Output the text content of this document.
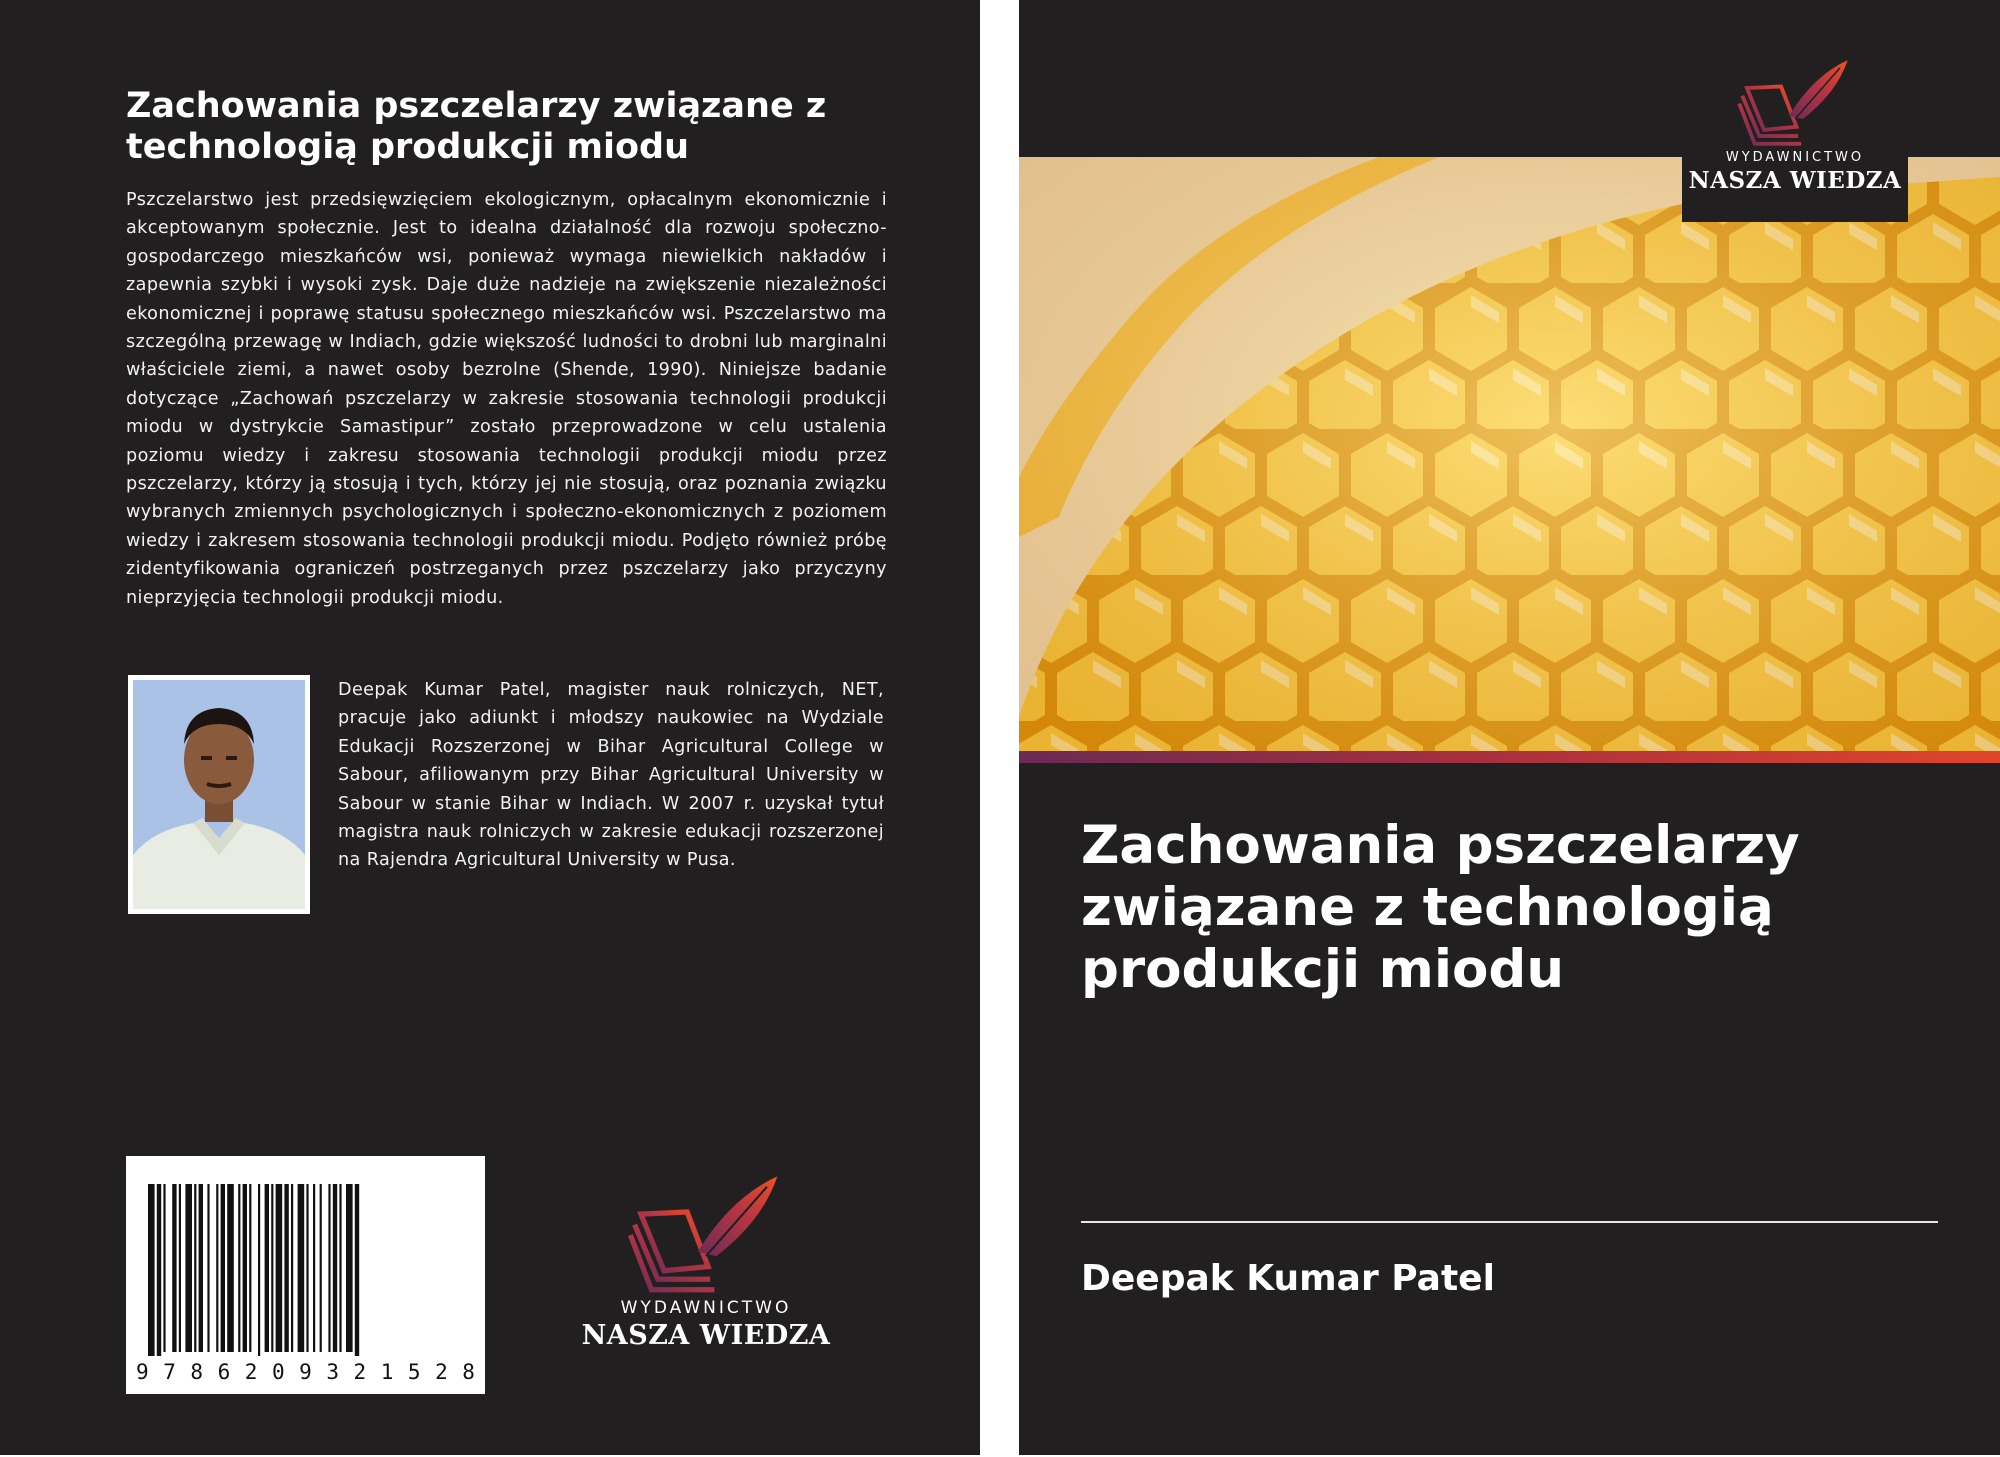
Zachowania pszczelarzy związane z technologią produkcji miodu

Pszczelarstwo jest przedsięwzięciem ekologicznym, opłacalnym ekonomicznie i akceptowanym społecznie. Jest to idealna działalność dla rozwoju społeczno-gospodarczego mieszkańców wsi, ponieważ wymaga niewielkich nakładów i zapewnia szybki i wysoki zysk. Daje duże nadzieje na zwiększenie niezależności ekonomicznej i poprawę statusu społecznego mieszkańców wsi. Pszczelarstwo ma szczególną przewagę w Indiach, gdzie większość ludności to drobni lub marginalni właściciele ziemi, a nawet osoby bezrolne (Shende, 1990). Niniejsze badanie dotyczące „Zachowań pszczelarzy w zakresie stosowania technologii produkcji miodu w dystrykcie Samastipur” zostało przeprowadzone w celu ustalenia poziomu wiedzy i zakresu stosowania technologii produkcji miodu przez pszczelarzy, którzy ją stosują i tych, którzy jej nie stosują, oraz poznania związku wybranych zmiennych psychologicznych i społeczno-ekonomicznych z poziomem wiedzy i zakresem stosowania technologii produkcji miodu. Podjęto również próbę zidentyfikowania ograniczeń postrzeganych przez pszczelarzy jako przyczyny nieprzyjęcia technologii produkcji miodu.

Deepak Kumar Patel, magister nauk rolniczych, NET, pracuje jako adiunkt i młodszy naukowiec na Wydziale Edukacji Rozszerzonej w Bihar Agricultural College w Sabour, afiliowanym przy Bihar Agricultural University w Sabour w stanie Bihar w Indiach. W 2007 r. uzyskał tytuł magistra nauk rolniczych w zakresie edukacji rozszerzonej na Rajendra Agricultural University w Pusa.

9 7 8 6 2 0 9 3 2 1 5 2 8
WYDAWNICTWO
NASZA WIEDZA
WYDAWNICTWO
NASZA WIEDZA
Zachowania pszczelarzy związane z technologią produkcji miodu

Deepak Kumar Patel
